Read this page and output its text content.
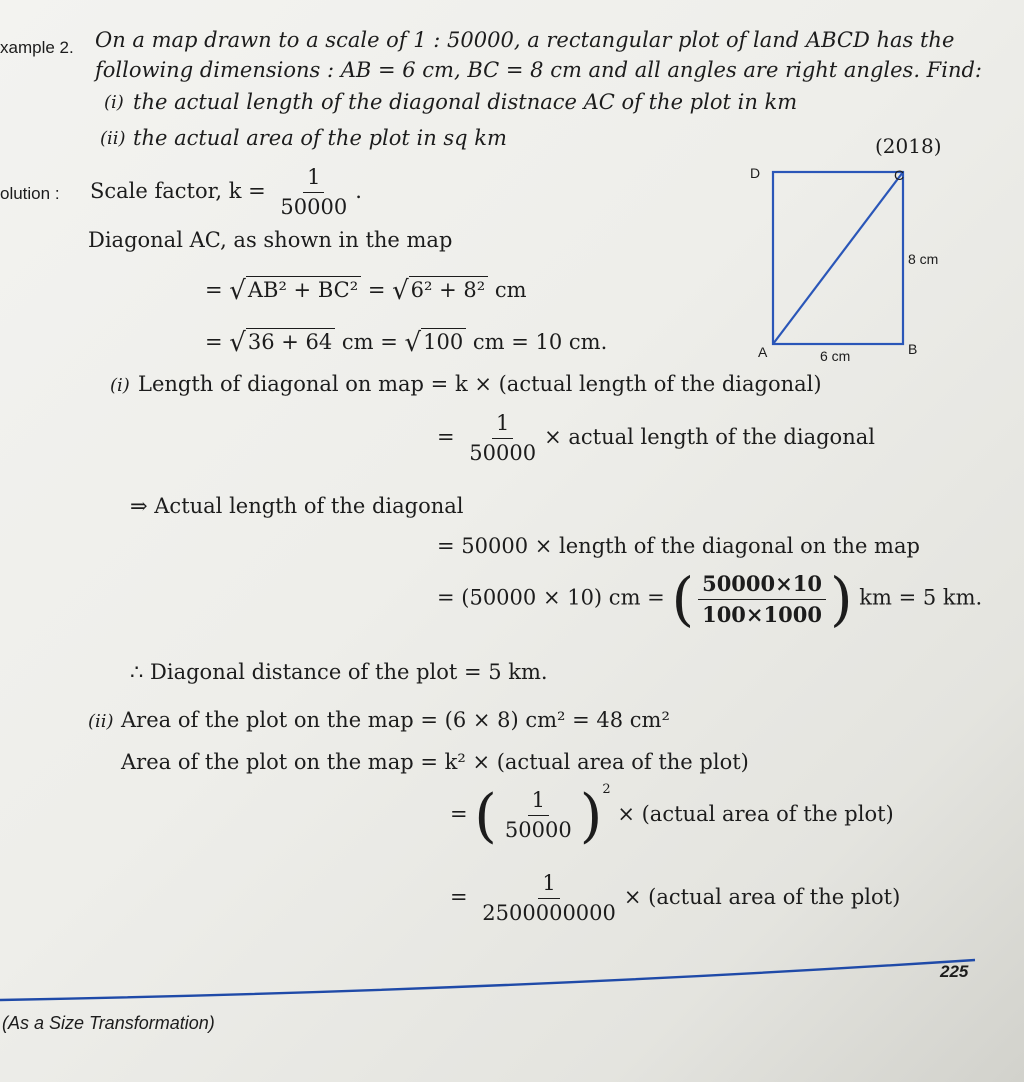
xample 2. On a map drawn to a scale of 1 : 50000, a rectangular plot of land ABCD has the
following dimensions : AB = 6 cm, BC = 8 cm and all angles are right angles. Find:
(i) the actual length of the diagonal distnace AC of the plot in km
(ii) the actual area of the plot in sq km	(2018)
olution : Scale factor, $k = \frac{1}{50000}$ .
Diagonal AC, as shown in the map
= √AB² + BC² = √6² + 8² cm
= √36 + 64 cm = √100 cm = 10 cm.
(i) Length of diagonal on map = k × (actual length of the diagonal)
= $\frac{1}{50000}$ × actual length of the diagonal
⇒ Actual length of the diagonal
= 50000 × length of the diagonal on the map
= (50000 × 10) cm = ( $\frac{50000\times 10}{100\times 1000}$ ) km = 5 km.
∴ Diagonal distance of the plot = 5 km.
(ii) Area of the plot on the map = (6 × 8) cm² = 48 cm²
Area of the plot on the map = k² × (actual area of the plot)
= ( $\frac{1}{50000} )^2$ × (actual area of the plot)
= $\frac{1}{2500000000}$ × (actual area of the plot)
D	C
A	B
8 cm
6 cm
225
(As a Size Transformation)
